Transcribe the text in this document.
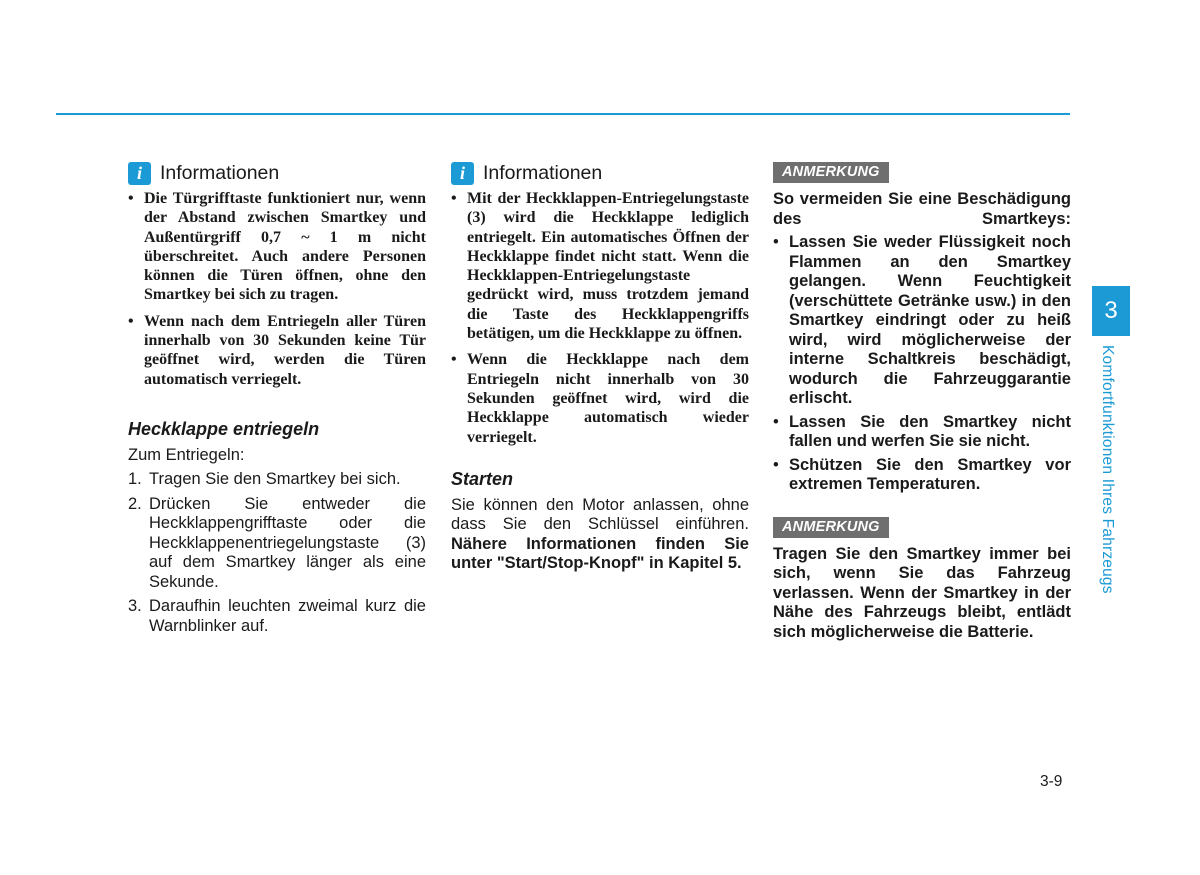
i Informationen
• Die Türgrifftaste funktioniert nur, wenn der Abstand zwischen Smartkey und Außentürgriff 0,7 ~ 1 m nicht überschreitet. Auch andere Personen können die Türen öffnen, ohne den Smartkey bei sich zu tragen.
• Wenn nach dem Entriegeln aller Türen innerhalb von 30 Sekunden keine Tür geöffnet wird, werden die Türen automatisch verriegelt.
Heckklappe entriegeln

Zum Entriegeln:

1. Tragen Sie den Smartkey bei sich.
2. Drücken Sie entweder die Heckklappengrifftaste oder die Heckklappenentriegelungstaste (3) auf dem Smartkey länger als eine Sekunde.
3. Daraufhin leuchten zweimal kurz die Warnblinker auf.
i Informationen
• Mit der Heckklappen-Entriegelungstaste (3) wird die Heckklappe lediglich entriegelt. Ein automatisches Öffnen der Heckklappe findet nicht statt. Wenn die Heckklappen-Entriegelungstaste gedrückt wird, muss trotzdem jemand die Taste des Heckklappengriffs betätigen, um die Heckklappe zu öffnen.
• Wenn die Heckklappe nach dem Entriegeln nicht innerhalb von 30 Sekunden geöffnet wird, wird die Heckklappe automatisch wieder verriegelt.
Starten

Sie können den Motor anlassen, ohne dass Sie den Schlüssel einführen. Nähere Informationen finden Sie unter "Start/Stop-Knopf" in Kapitel 5.

ANMERKUNG

So vermeiden Sie eine Beschädigung des Smartkeys:

• Lassen Sie weder Flüssigkeit noch Flammen an den Smartkey gelangen. Wenn Feuchtigkeit (verschüttete Getränke usw.) in den Smartkey eindringt oder zu heiß wird, wird möglicherweise der interne Schaltkreis beschädigt, wodurch die Fahrzeuggarantie erlischt.
• Lassen Sie den Smartkey nicht fallen und werfen Sie sie nicht.
• Schützen Sie den Smartkey vor extremen Temperaturen.
ANMERKUNG

Tragen Sie den Smartkey immer bei sich, wenn Sie das Fahrzeug verlassen. Wenn der Smartkey in der Nähe des Fahrzeugs bleibt, entlädt sich möglicherweise die Batterie.

3
Komfortfunktionen Ihres Fahrzeugs
3-9
